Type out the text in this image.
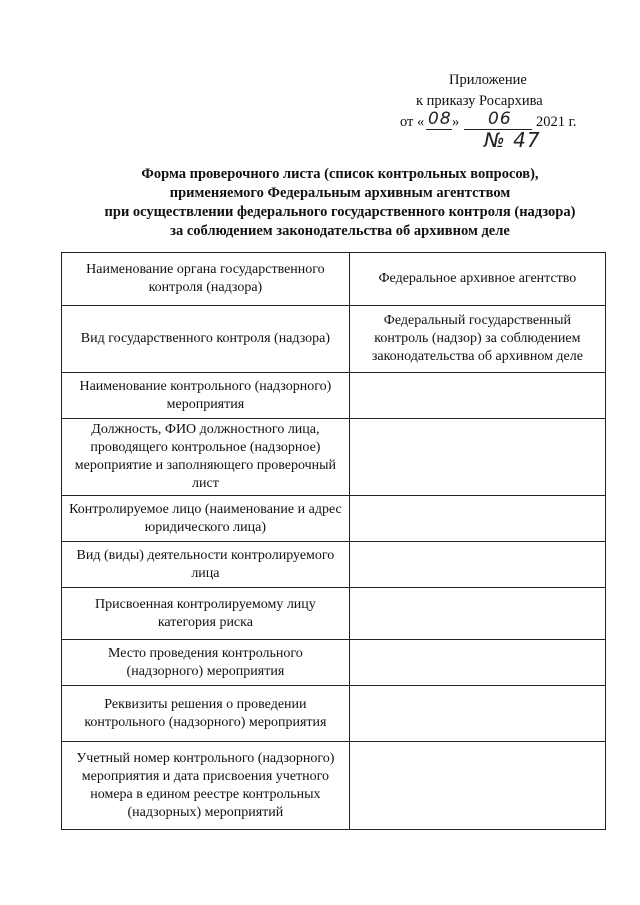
Приложение
к приказу Росархива
от « 08 » 06 2021 г.
№ 47
Форма проверочного листа (список контрольных вопросов),
применяемого Федеральным архивным агентством
при осуществлении федерального государственного контроля (надзора)
за соблюдением законодательства об архивном деле
Наименование органа государственного контроля (надзора)	Федеральное архивное агентство
Вид государственного контроля (надзора)	Федеральный государственный контроль (надзор) за соблюдением законодательства об архивном деле
Наименование контрольного (надзорного) мероприятия	
Должность, ФИО должностного лица, проводящего контрольное (надзорное) мероприятие и заполняющего проверочный лист	
Контролируемое лицо (наименование и адрес юридического лица)	
Вид (виды) деятельности контролируемого лица	
Присвоенная контролируемому лицу категория риска	
Место проведения контрольного (надзорного) мероприятия	
Реквизиты решения о проведении контрольного (надзорного) мероприятия	
Учетный номер контрольного (надзорного) мероприятия и дата присвоения учетного номера в едином реестре контрольных (надзорных) мероприятий	
